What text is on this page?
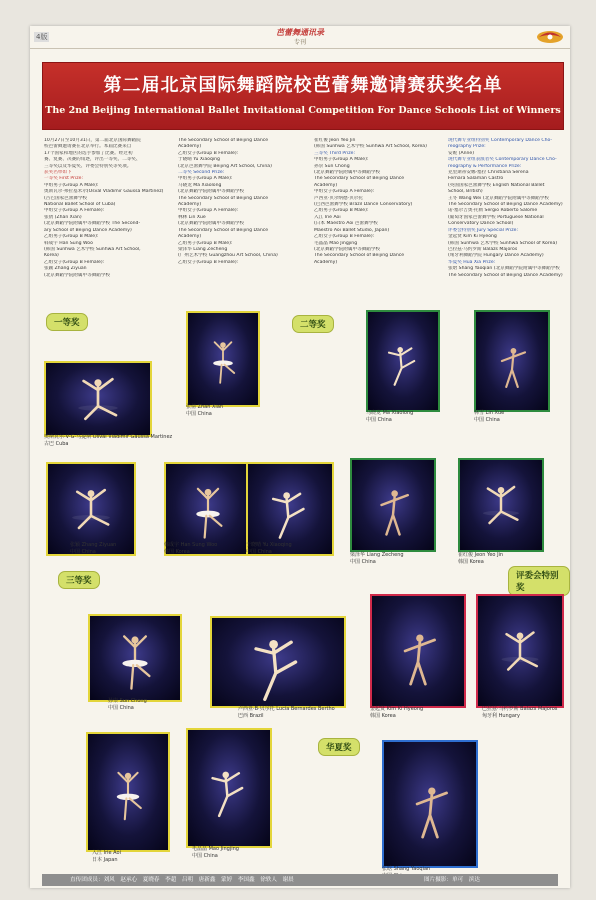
4版	芭蕾舞通讯录
专刊
第二届北京国际舞蹈院校芭蕾舞邀请赛获奖名单
The 2nd Beijing International Ballet Invitational Competition For Dance Schools List of Winners
10月27日至10月31日，第二届北京国际舞蹈院
校芭蕾舞邀请赛在北京举行。本届比赛来自
17个国家和地区的选手参加了比赛。经过初
赛、复赛、决赛的角逐，评出一等奖、二等奖、
三等奖以及华夏奖、评委会特别奖等奖项。
获奖名单如下
一等奖 First Prize:
甲组男子(Group A Male):
奥斯瓦尔·弗拉基米尔(Osval Vladimir Gaussa Martinez)
(古巴国家芭蕾舞学校
National Ballet School of Cuba)
甲组女子(Group A Female):
张倩 (Zhan Xian)
(北京舞蹈学院附属中等舞蹈学校 The Second-
ary School of Beijing Dance Academy)
乙组男子(Group B Male):
韩成宇 Han Sung Woo
(韩国 Sunhwa 艺术学校 Sunhwa Art School,
Korea)
乙组女子(Group B Female):
张颖 Zhang Ziyuan
(北京舞蹈学院附属中等舞蹈学校
The Secondary School of Beijing Dance
Academy)
乙组女子(Group B Female):
于晓晴 Yu Xiaoqing
(北京芭蕾舞学院 Beijing Art School, China)
二等奖 Second Prize:
甲组男子(Group A Male):
马晓龙 Ma Xiaolong
(北京舞蹈学院附属中等舞蹈学校
The Secondary School of Beijing Dance
Academy)
甲组女子(Group A Female):
林林 Lin Xue
(北京舞蹈学院附属中等舞蹈学校
The Secondary School of Beijing Dance
Academy)
乙组男子(Group B Male):
梁泽华 Liang Zecheng
(广州艺术学校 Guangzhou Art School, China)
乙组女子(Group B Female):
崔红俊 Jeon Yeo Jin
(韩国 Sunhwa 艺术学校 Sunhwa Art School, Korea)
三等奖 Third Prize:
甲组男子(Group A Male):
孙崇 Sun Chong
(北京舞蹈学院附属中等舞蹈学校
The Secondary School of Beijing Dance
Academy)
甲组女子(Group A Female):
卢西亚·贝尔纳德·贝尔托
(巴西芭蕾舞学校 Brazil Dance Conservatory)
乙组男子(Group B Male):
入江 Irie Aoi
(日本 Maestro Aoi 芭蕾舞学校
Maestro Aoi Ballet Studio, Japan)
乙组女子(Group B Female):
毛晶晶 Mao Jingjing
(北京舞蹈学院附属中等舞蹈学校
The Secondary School of Beijing Dance
Academy)
现代舞专业组特别奖 Contemporary Dance Cho-
reography Prize:
安妮 (Anne)
现代舞专业组表演者奖 Contemporary Dance Cho-
reography & Performance Prize:
克里斯蒂安娜·塞拉 Christiana Serena
Fernara Salaman Castro
(英国国家芭蕾舞学校 English National Ballet
School, British)
王冬 Wang Wei (北京舞蹈学院附属中等舞蹈学校
The Secondary School of Beijing Dance Academy)
诺·塞尔吉奥·托勒 Sergio Roberto Salome
(葡萄牙国家芭蕾舞学校 Portuguese National
Conservatory Dance School)
评委会特别奖 Jury Special Prize:
金起贤 Kim Ki Hyeong
(韩国 Sunhwa 艺术学校 Sunhwa School of Korea)
巴拉兹·马约罗斯 Balazs Majoros
(匈牙利舞蹈学院 Hungary Dance Academy)
华夏奖 Hua Xia Prize:
张晗 Shang Yaoqian (北京舞蹈学院附属中等舞蹈学校
The Secondary School of Beijing Dance Academy)
一等奖	二等奖
三等奖	评委会特别奖
华夏奖
奥斯瓦尔·V·G·马提斯 Osval Vladimir Gaussa Martinez
古巴 Cuba
张倩 Zhan Xian
中国 China	马晓龙 Ma Xiaolong
中国 China
林雪 Lin Xue
中国 China
张颖 Zhang Ziyuan
中国 China
韩成宇 Han Sung Woo
韩国 Korea
于晓晴 Yu Xiaoqing
中国 China	梁泽华 Liang Zecheng
中国 China
崔红俊 Jeon Yeo Jin
韩国 Korea
孙崇 Sun Chong
中国 China	卢西亚·B·贝尔托 Lucia Bernardes Bertho
巴西 Brazil
金起贤 Kim Ki Hyeong
韩国 Korea
巴拉兹·马约罗斯 Balazs Majoros
匈牙利 Hungary
入江 Irie Aoi
日本 Japan
毛晶晶 Mao Jingjing
中国 China
张晗 Shang Yaoqian
直传团成员：刘风　赵承心　夏晓春　李超　吕明　唐新鑫　蒙婷　李国鑫　徐轶人　谢晨	图片摄影：单可　滨达
